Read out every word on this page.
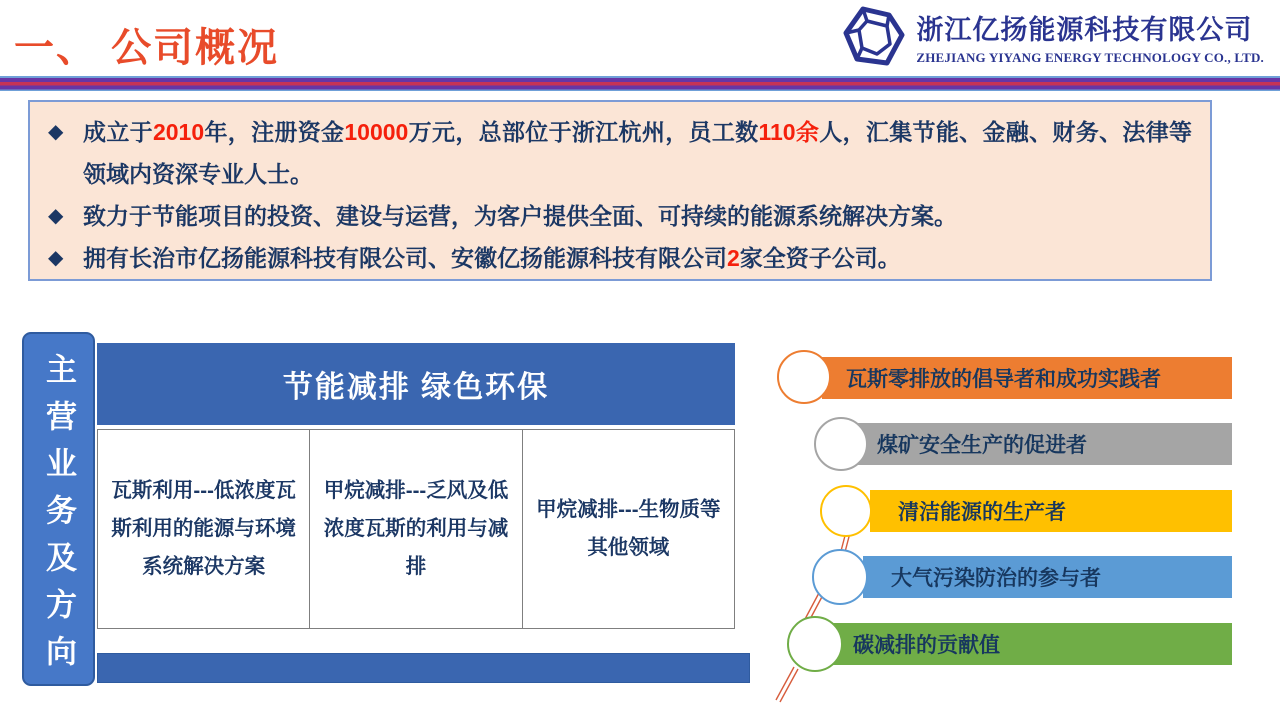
一、 公司概况	浙江亿扬能源科技有限公司
ZHEJIANG YIYANG ENERGY TECHNOLOGY CO., LTD.
◆ 成立于2010年，注册资金10000万元，总部位于浙江杭州，员工数110余人，汇集节能、金融、财务、法律等领域内资深专业人士。
◆ 致力于节能项目的投资、建设与运营，为客户提供全面、可持续的能源系统解决方案。
◆ 拥有长治市亿扬能源科技有限公司、安徽亿扬能源科技有限公司2家全资子公司。
主营业务及方向	节能减排 绿色环保
瓦斯利用---低浓度瓦斯利用的能源与环境系统解决方案
甲烷减排---乏风及低浓度瓦斯的利用与减排
甲烷减排---生物质等其他领域
瓦斯零排放的倡导者和成功实践者
煤矿安全生产的促进者
清洁能源的生产者
大气污染防治的参与者
碳减排的贡献值
